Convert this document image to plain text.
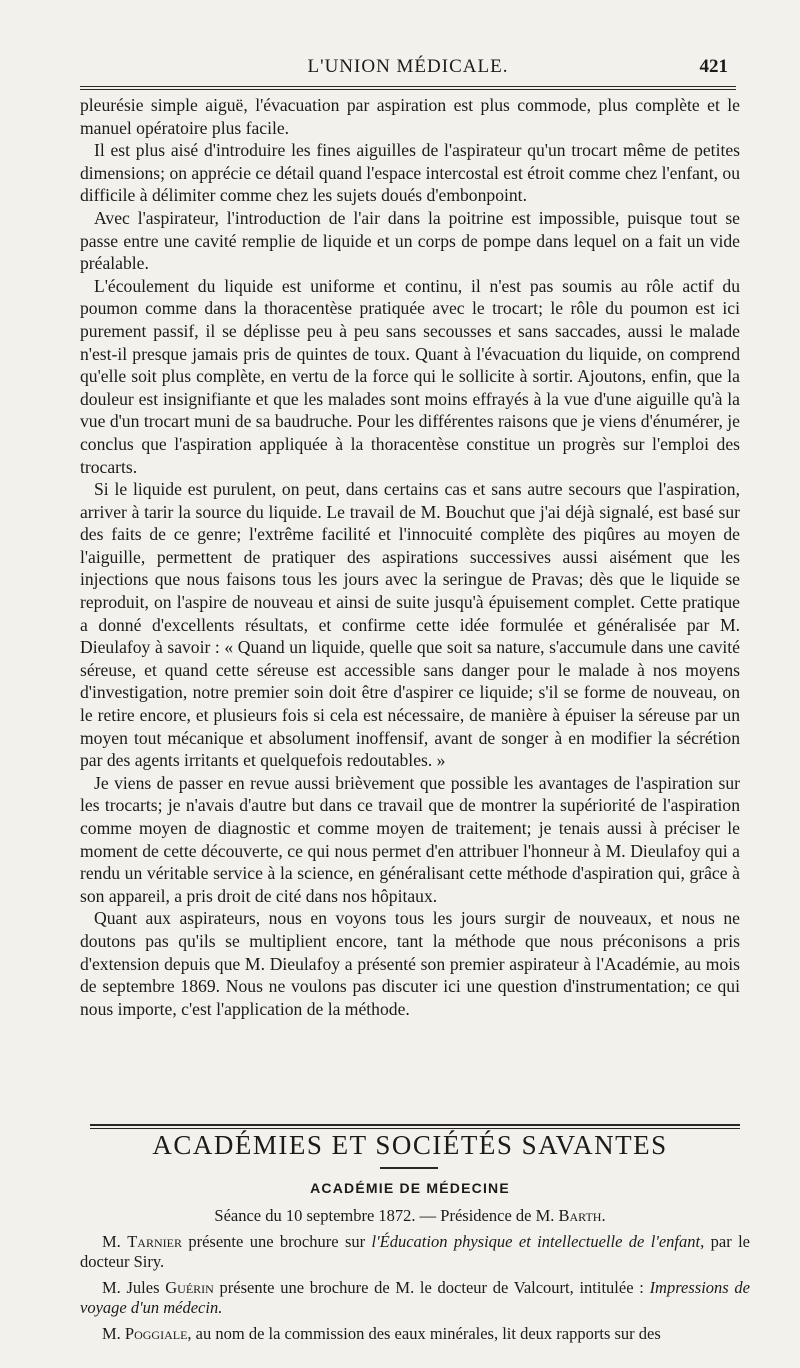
L'UNION MÉDICALE.	421

pleurésie simple aiguë, l'évacuation par aspiration est plus commode, plus complète et le manuel opératoire plus facile.

Il est plus aisé d'introduire les fines aiguilles de l'aspirateur qu'un trocart même de petites dimensions; on apprécie ce détail quand l'espace intercostal est étroit comme chez l'enfant, ou difficile à délimiter comme chez les sujets doués d'embonpoint.

Avec l'aspirateur, l'introduction de l'air dans la poitrine est impossible, puisque tout se passe entre une cavité remplie de liquide et un corps de pompe dans lequel on a fait un vide préalable.

L'écoulement du liquide est uniforme et continu, il n'est pas soumis au rôle actif du poumon comme dans la thoracentèse pratiquée avec le trocart; le rôle du poumon est ici purement passif, il se déplisse peu à peu sans secousses et sans saccades, aussi le malade n'est-il presque jamais pris de quintes de toux. Quant à l'évacuation du liquide, on comprend qu'elle soit plus complète, en vertu de la force qui le sollicite à sortir. Ajoutons, enfin, que la douleur est insignifiante et que les malades sont moins effrayés à la vue d'une aiguille qu'à la vue d'un trocart muni de sa baudruche. Pour les différentes raisons que je viens d'énumérer, je conclus que l'aspiration appliquée à la thoracentèse constitue un progrès sur l'emploi des trocarts.

Si le liquide est purulent, on peut, dans certains cas et sans autre secours que l'aspiration, arriver à tarir la source du liquide. Le travail de M. Bouchut que j'ai déjà signalé, est basé sur des faits de ce genre; l'extrême facilité et l'innocuité complète des piqûres au moyen de l'aiguille, permettent de pratiquer des aspirations successives aussi aisément que les injections que nous faisons tous les jours avec la seringue de Pravas; dès que le liquide se reproduit, on l'aspire de nouveau et ainsi de suite jusqu'à épuisement complet. Cette pratique a donné d'excellents résultats, et confirme cette idée formulée et généralisée par M. Dieulafoy à savoir : « Quand un liquide, quelle que soit sa nature, s'accumule dans une cavité séreuse, et quand cette séreuse est accessible sans danger pour le malade à nos moyens d'investigation, notre premier soin doit être d'aspirer ce liquide; s'il se forme de nouveau, on le retire encore, et plusieurs fois si cela est nécessaire, de manière à épuiser la séreuse par un moyen tout mécanique et absolument inoffensif, avant de songer à en modifier la sécrétion par des agents irritants et quelquefois redoutables. »

Je viens de passer en revue aussi brièvement que possible les avantages de l'aspiration sur les trocarts; je n'avais d'autre but dans ce travail que de montrer la supériorité de l'aspiration comme moyen de diagnostic et comme moyen de traitement; je tenais aussi à préciser le moment de cette découverte, ce qui nous permet d'en attribuer l'honneur à M. Dieulafoy qui a rendu un véritable service à la science, en généralisant cette méthode d'aspiration qui, grâce à son appareil, a pris droit de cité dans nos hôpitaux.

Quant aux aspirateurs, nous en voyons tous les jours surgir de nouveaux, et nous ne doutons pas qu'ils se multiplient encore, tant la méthode que nous préconisons a pris d'extension depuis que M. Dieulafoy a présenté son premier aspirateur à l'Académie, au mois de septembre 1869. Nous ne voulons pas discuter ici une question d'instrumentation; ce qui nous importe, c'est l'application de la méthode.

ACADÉMIES ET SOCIÉTÉS SAVANTES
ACADÉMIE DE MÉDECINE
Séance du 10 septembre 1872. — Présidence de M. Barth.

M. Tarnier présente une brochure sur l'Éducation physique et intellectuelle de l'enfant, par le docteur Siry.

M. Jules Guérin présente une brochure de M. le docteur de Valcourt, intitulée : Impressions de voyage d'un médecin.

M. Poggiale, au nom de la commission des eaux minérales, lit deux rapports sur des
